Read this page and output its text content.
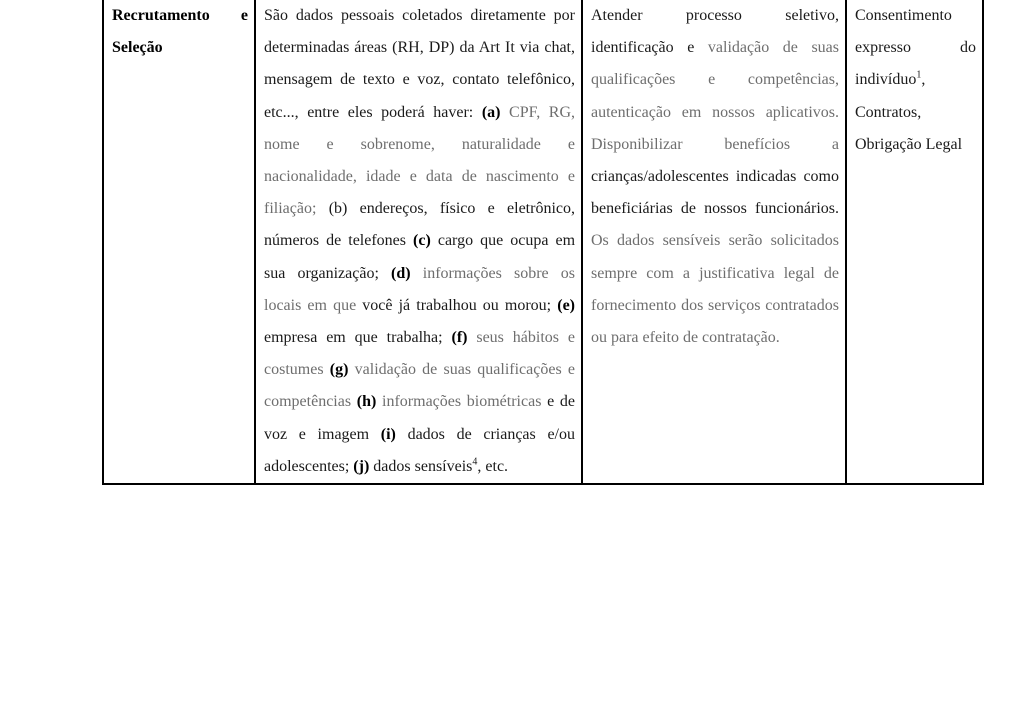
Recrutamento e
Seleção
	São dados pessoais coletados diretamente por determinadas áreas (RH, DP) da Art It via chat, mensagem de texto e voz, contato telefônico, etc..., entre eles poderá haver: (a) CPF, RG, nome e sobrenome, naturalidade e nacionalidade, idade e data de nascimento e filiação; (b) endereços, físico e eletrônico, números de telefones (c) cargo que ocupa em sua organização; (d) informações sobre os locais em que você já trabalhou ou morou; (e) empresa em que trabalha; (f) seus hábitos e costumes (g) validação de suas qualificações e competências (h) informações biométricas e de voz e imagem (i) dados de crianças e/ou adolescentes; (j) dados sensíveis$^4$, etc.	Atender processo seletivo, identificação e validação de suas qualificações e competências, autenticação em nossos aplicativos. Disponibilizar benefícios a crianças/adolescentes indicadas como beneficiárias de nossos funcionários. Os dados sensíveis serão solicitados sempre com a justificativa legal de fornecimento dos serviços contratados ou para efeito de contratação.	Consentimento expresso do indivíduo$^1$, Contratos, Obrigação Legal
